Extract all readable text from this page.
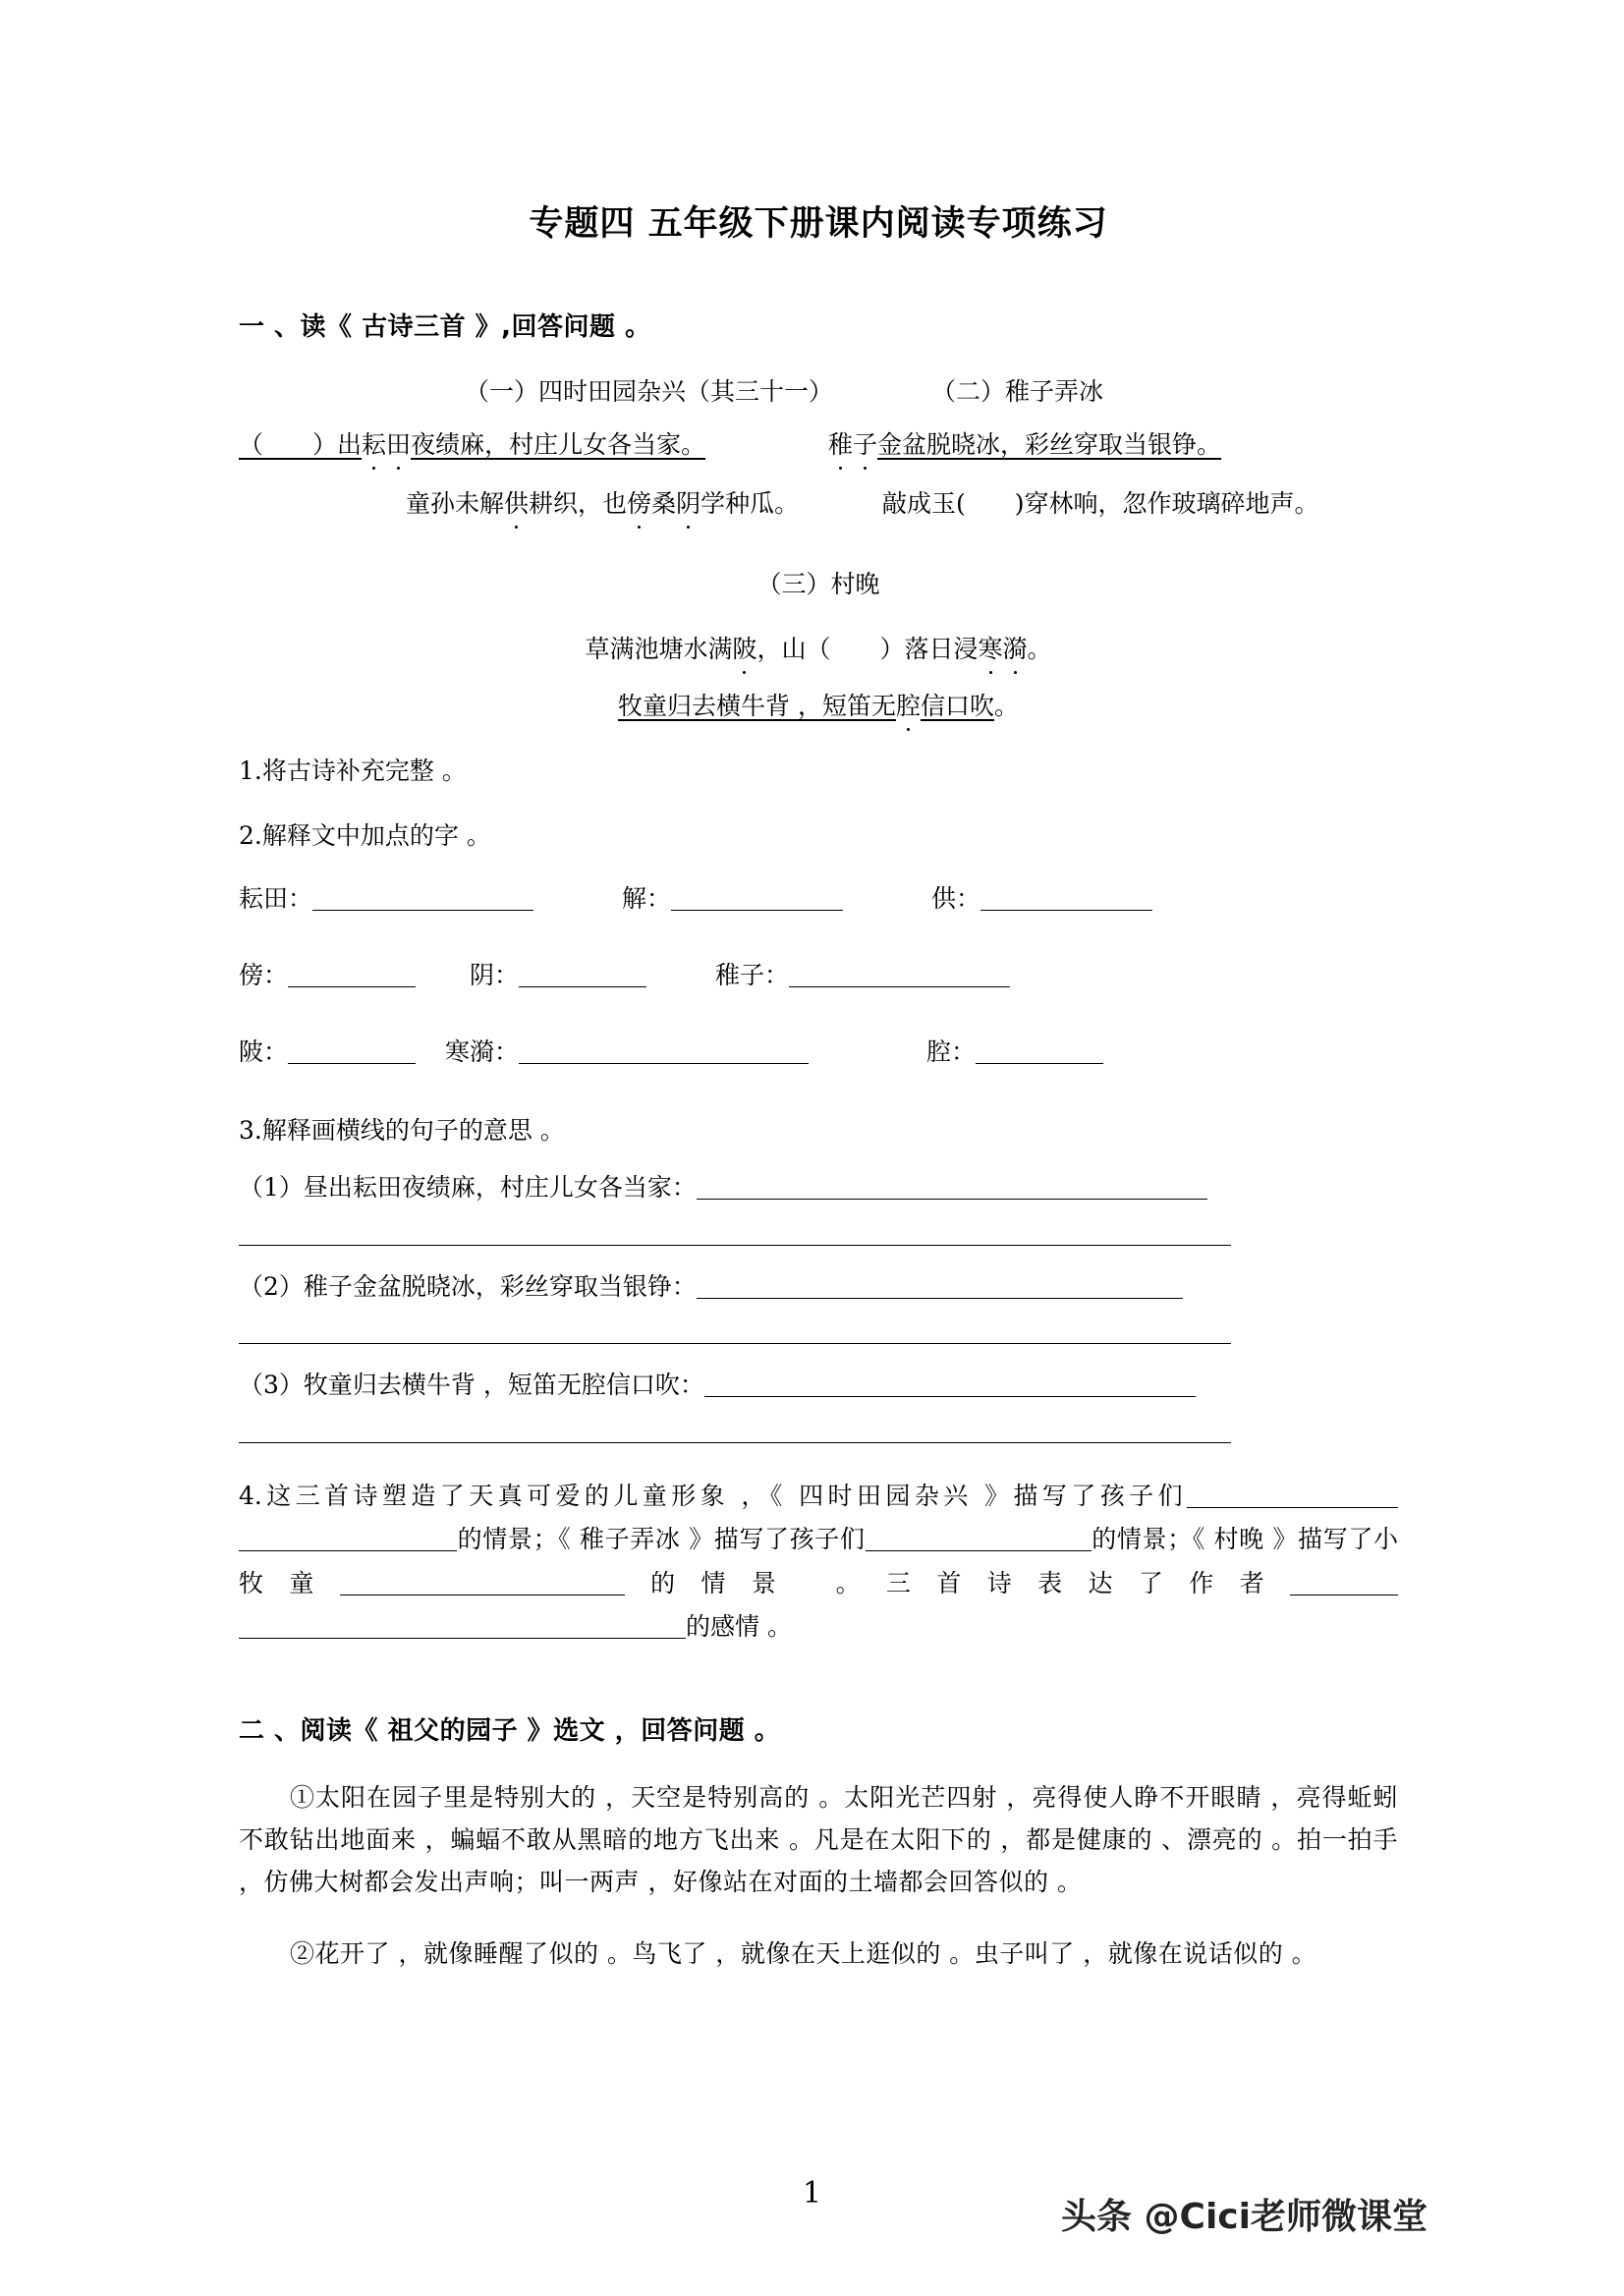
专题四 五年级下册课内阅读专项练习
一 、读《 古诗三首 》,回答问题 。
（一）四时田园杂兴（其三十一）	（二）稚子弄冰
（　　）出耘田夜绩麻，村庄儿女各当家。	稚子金盆脱晓冰，彩丝穿取当银铮。
童孙未解供耕织，也傍桑阴学种瓜。	敲成玉(　　)穿林响，忽作玻璃碎地声。
（三）村晚
草满池塘水满陂，山（　　）落日浸寒漪。
牧童归去横牛背 ，短笛无腔信口吹。
1.将古诗补充完整 。
2.解释文中加点的字 。
耘田：	解：	供：
傍：	阴：	稚子：
陂：	寒漪：	腔：
3.解释画横线的句子的意思 。
（1）昼出耘田夜绩麻，村庄儿女各当家：
（2）稚子金盆脱晓冰，彩丝穿取当银铮：
（3）牧童归去横牛背 ，短笛无腔信口吹：
4.这三首诗塑造了天真可爱的儿童形象 ，《 四时田园杂兴 》描写了孩子们的情景；《 稚子弄冰 》描写了孩子们	的情景；《 村晚 》描写了小牧童	的情景 。三首诗表达了作者的感情 。
二 、阅读《 祖父的园子 》选文 ，回答问题 。
①太阳在园子里是特别大的 ，天空是特别高的 。太阳光芒四射 ，亮得使人睁不开眼睛 ，亮得蚯蚓不敢钻出地面来 ，蝙蝠不敢从黑暗的地方飞出来 。凡是在太阳下的 ，都是健康的 、漂亮的 。拍一拍手 ，仿佛大树都会发出声响；叫一两声 ，好像站在对面的土墙都会回答似的 。
②花开了 ，就像睡醒了似的 。鸟飞了 ，就像在天上逛似的 。虫子叫了 ，就像在说话似的 。
1
头条 @Cici老师微课堂
